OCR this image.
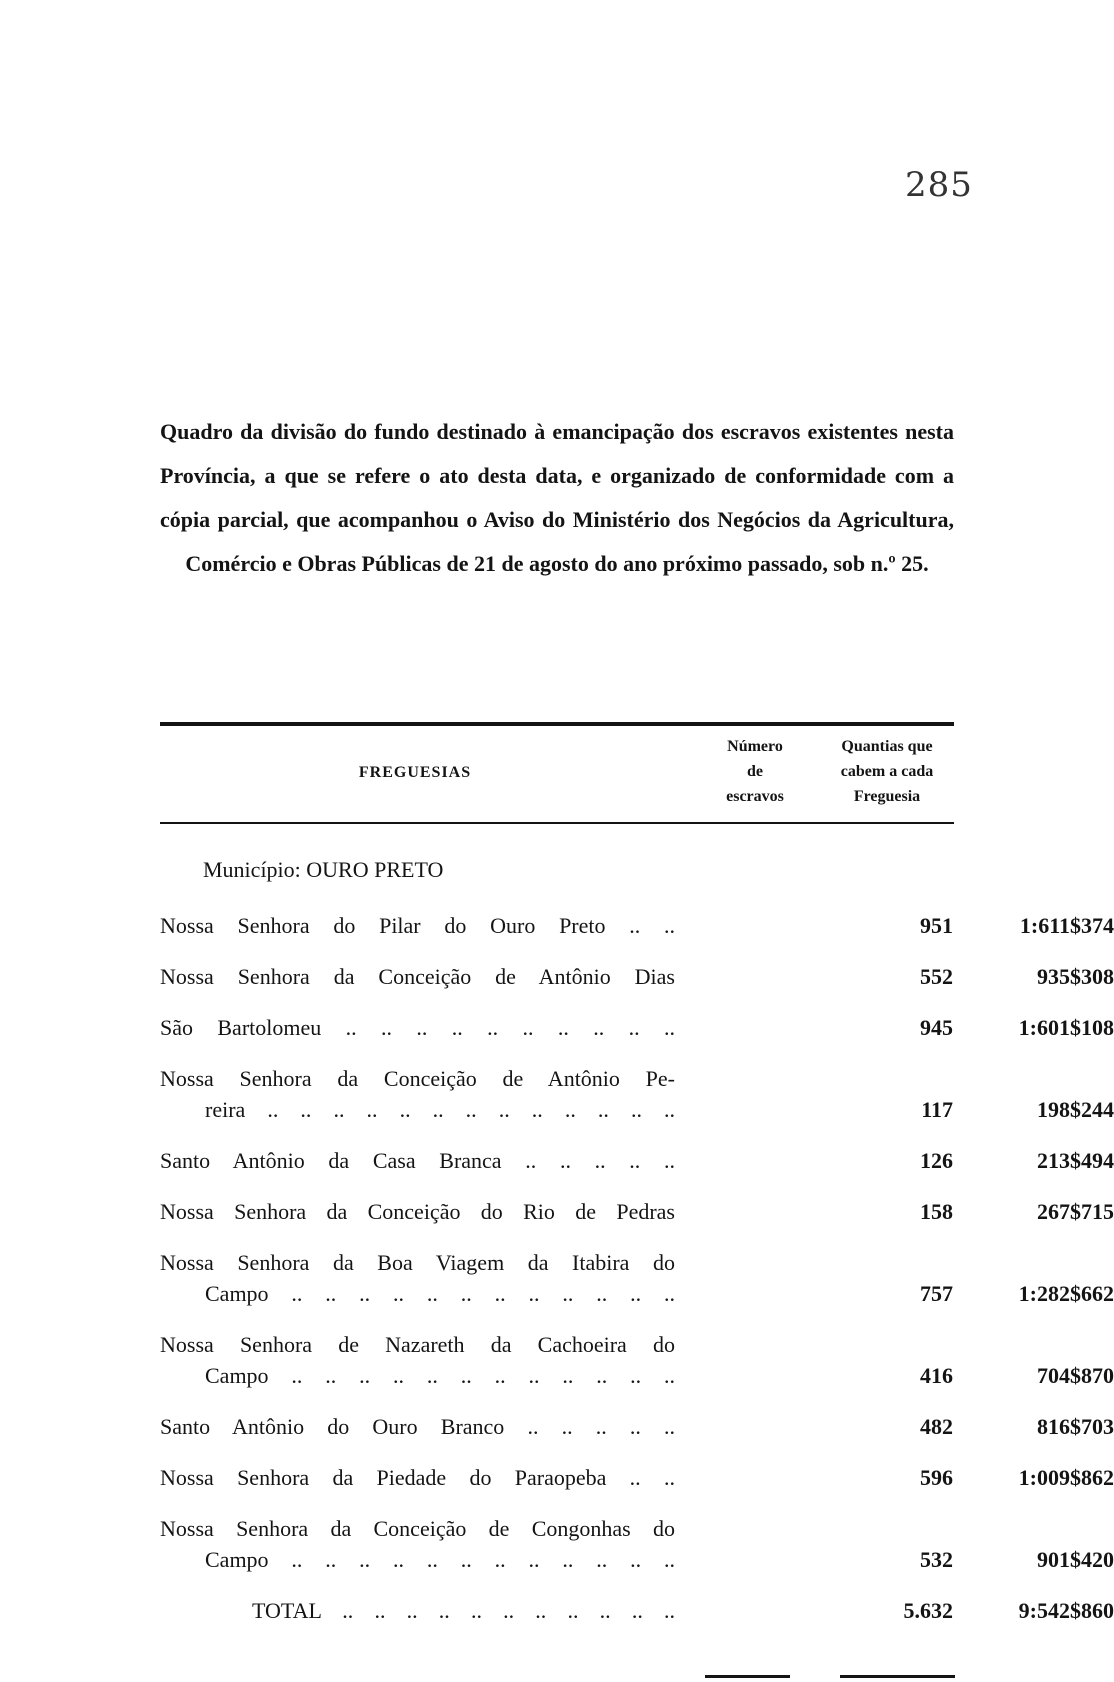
285
Quadro da divisão do fundo destinado à emancipação dos escravos existentes nesta Província, a que se refere o ato desta data, e organizado de conformidade com a cópia parcial, que acompanhou o Aviso do Ministério dos Negócios da Agricultura, Comércio e Obras Públicas de 21 de agosto do ano próximo passado, sob n.º 25.
FREGUESIAS
Número
de
escravos
Quantias que
cabem a cada
Freguesia
Município: OURO PRETO
Nossa Senhora do Pilar do Ouro Preto .. ..	951	1:611$374
Nossa Senhora da Conceição de Antônio Dias	552	935$308
São Bartolomeu .. .. .. .. .. .. .. .. .. ..	945	1:601$108
Nossa Senhora da Conceição de Antônio Pe-
reira .. .. .. .. .. .. .. .. .. .. .. .. ..	117	198$244
Santo Antônio da Casa Branca .. .. .. .. ..	126	213$494
Nossa Senhora da Conceição do Rio de Pedras	158	267$715
Nossa Senhora da Boa Viagem da Itabira do
Campo .. .. .. .. .. .. .. .. .. .. .. ..	757	1:282$662
Nossa Senhora de Nazareth da Cachoeira do
Campo .. .. .. .. .. .. .. .. .. .. .. ..	416	704$870
Santo Antônio do Ouro Branco .. .. .. .. ..	482	816$703
Nossa Senhora da Piedade do Paraopeba .. ..	596	1:009$862
Nossa Senhora da Conceição de Congonhas do
Campo .. .. .. .. .. .. .. .. .. .. .. ..	532	901$420
TOTAL .. .. .. .. .. .. .. .. .. .. ..	5.632	9:542$860
